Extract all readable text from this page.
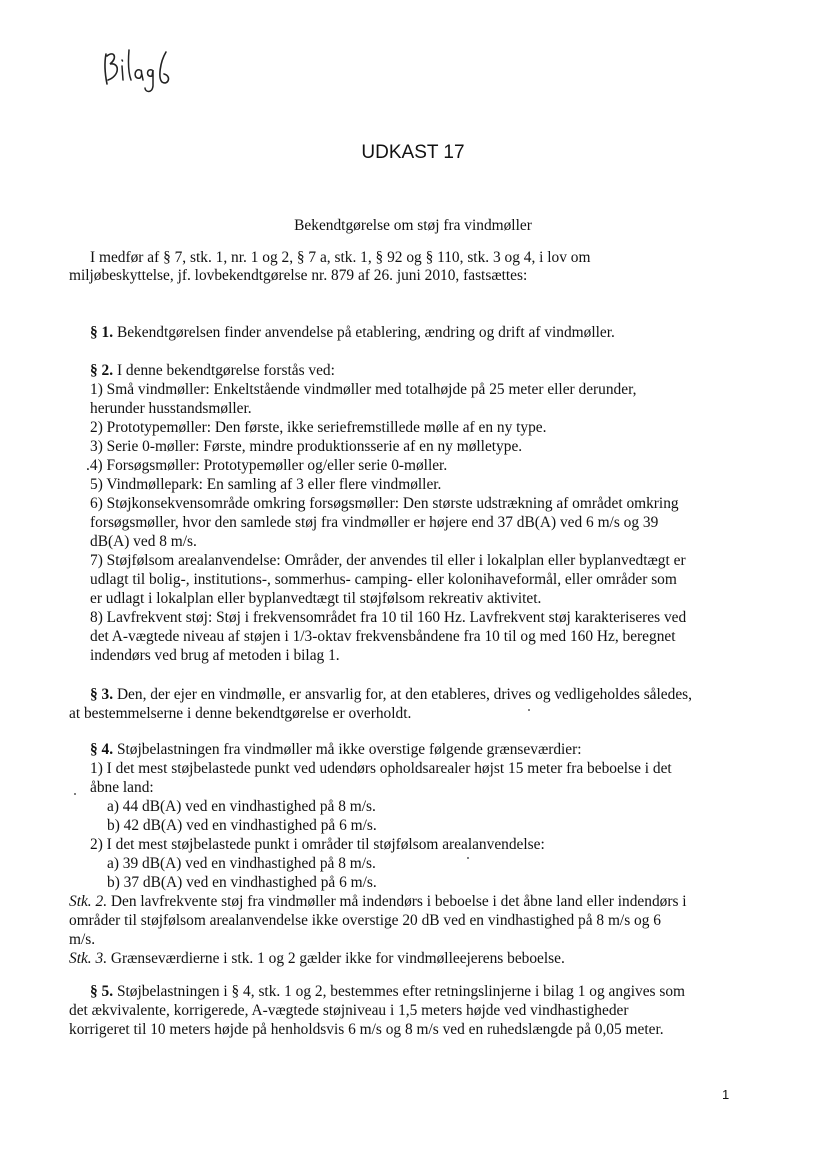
UDKAST 17
Bekendtgørelse om støj fra vindmøller
I medfør af § 7, stk. 1, nr. 1 og 2, § 7 a, stk. 1, § 92 og § 110, stk. 3 og 4, i lov om
miljøbeskyttelse, jf. lovbekendtgørelse nr. 879 af 26. juni 2010, fastsættes:
§ 1. Bekendtgørelsen finder anvendelse på etablering, ændring og drift af vindmøller.
§ 2. I denne bekendtgørelse forstås ved:
1) Små vindmøller: Enkeltstående vindmøller med totalhøjde på 25 meter eller derunder,
herunder husstandsmøller.
2) Prototypemøller: Den første, ikke seriefremstillede mølle af en ny type.
3) Serie 0-møller: Første, mindre produktionsserie af en ny mølletype.
.4) Forsøgsmøller: Prototypemøller og/eller serie 0-møller.
5) Vindmøllepark: En samling af 3 eller flere vindmøller.
6) Støjkonsekvensområde omkring forsøgsmøller: Den største udstrækning af området omkring
forsøgsmøller, hvor den samlede støj fra vindmøller er højere end 37 dB(A) ved 6 m/s og 39
dB(A) ved 8 m/s.
7) Støjfølsom arealanvendelse: Områder, der anvendes til eller i lokalplan eller byplanvedtægt er
udlagt til bolig-, institutions-, sommerhus- camping- eller kolonihaveformål, eller områder som
er udlagt i lokalplan eller byplanvedtægt til støjfølsom rekreativ aktivitet.
8) Lavfrekvent støj: Støj i frekvensområdet fra 10 til 160 Hz. Lavfrekvent støj karakteriseres ved
det A-vægtede niveau af støjen i 1/3-oktav frekvensbåndene fra 10 til og med 160 Hz, beregnet
indendørs ved brug af metoden i bilag 1.
§ 3. Den, der ejer en vindmølle, er ansvarlig for, at den etableres, drives og vedligeholdes således,
at bestemmelserne i denne bekendtgørelse er overholdt.
§ 4. Støjbelastningen fra vindmøller må ikke overstige følgende grænseværdier:
1) I det mest støjbelastede punkt ved udendørs opholdsarealer højst 15 meter fra beboelse i det
åbne land:
a) 44 dB(A) ved en vindhastighed på 8 m/s.
b) 42 dB(A) ved en vindhastighed på 6 m/s.
2) I det mest støjbelastede punkt i områder til støjfølsom arealanvendelse:
a) 39 dB(A) ved en vindhastighed på 8 m/s.
b) 37 dB(A) ved en vindhastighed på 6 m/s.
Stk. 2. Den lavfrekvente støj fra vindmøller må indendørs i beboelse i det åbne land eller indendørs i
områder til støjfølsom arealanvendelse ikke overstige 20 dB ved en vindhastighed på 8 m/s og 6
m/s.
Stk. 3. Grænseværdierne i stk. 1 og 2 gælder ikke for vindmølleejerens beboelse.
§ 5. Støjbelastningen i § 4, stk. 1 og 2, bestemmes efter retningslinjerne i bilag 1 og angives som
det ækvivalente, korrigerede, A-vægtede støjniveau i 1,5 meters højde ved vindhastigheder
korrigeret til 10 meters højde på henholdsvis 6 m/s og 8 m/s ved en ruhedslængde på 0,05 meter.
1
